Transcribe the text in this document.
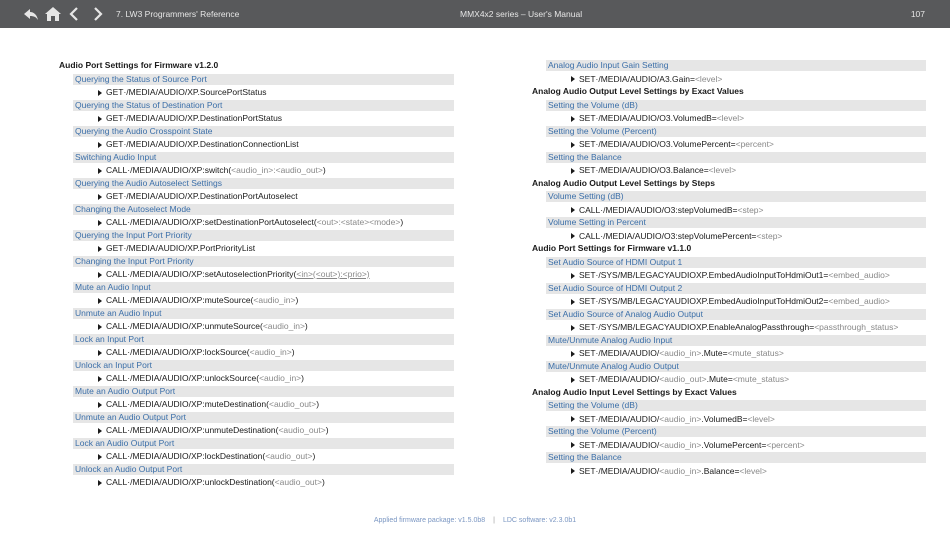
7. LW3 Programmers' Reference	MMX4x2 series – User's Manual	107
Audio Port Settings for Firmware v1.2.0
Querying the Status of Source Port
GET·/MEDIA/AUDIO/XP.SourcePortStatus
Querying the Status of Destination Port
GET·/MEDIA/AUDIO/XP.DestinationPortStatus
Querying the Audio Crosspoint State
GET·/MEDIA/AUDIO/XP.DestinationConnectionList
Switching Audio Input
CALL·/MEDIA/AUDIO/XP:switch(<audio_in>:<audio_out>)
Querying the Audio Autoselect Settings
GET·/MEDIA/AUDIO/XP.DestinationPortAutoselect
Changing the Autoselect Mode
CALL·/MEDIA/AUDIO/XP:setDestinationPortAutoselect(<out>:<state><mode>)
Querying the Input Port Priority
GET·/MEDIA/AUDIO/XP.PortPriorityList
Changing the Input Port Priority
CALL·/MEDIA/AUDIO/XP:setAutoselectionPriority(<in>(<out>):<prio>)
Mute an Audio Input
CALL·/MEDIA/AUDIO/XP:muteSource(<audio_in>)
Unmute an Audio Input
CALL·/MEDIA/AUDIO/XP:unmuteSource(<audio_in>)
Lock an Input Port
CALL·/MEDIA/AUDIO/XP:lockSource(<audio_in>)
Unlock an Input Port
CALL·/MEDIA/AUDIO/XP:unlockSource(<audio_in>)
Mute an Audio Output Port
CALL·/MEDIA/AUDIO/XP:muteDestination(<audio_out>)
Unmute an Audio Output Port
CALL·/MEDIA/AUDIO/XP:unmuteDestination(<audio_out>)
Lock an Audio Output Port
CALL·/MEDIA/AUDIO/XP:lockDestination(<audio_out>)
Unlock an Audio Output Port
CALL·/MEDIA/AUDIO/XP:unlockDestination(<audio_out>)
Analog Audio Input Gain Setting
SET·/MEDIA/AUDIO/A3.Gain=<level>
Analog Audio Output Level Settings by Exact Values
Setting the Volume (dB)
SET·/MEDIA/AUDIO/O3.VolumedB=<level>
Setting the Volume (Percent)
SET·/MEDIA/AUDIO/O3.VolumePercent=<percent>
Setting the Balance
SET·/MEDIA/AUDIO/O3.Balance=<level>
Analog Audio Output Level Settings by Steps
Volume Setting (dB)
CALL·/MEDIA/AUDIO/O3:stepVolumedB=<step>
Volume Setting in Percent
CALL·/MEDIA/AUDIO/O3:stepVolumePercent=<step>
Audio Port Settings for Firmware v1.1.0
Set Audio Source of HDMI Output 1
SET·/SYS/MB/LEGACYAUDIOXP.EmbedAudioInputToHdmiOut1=<embed_audio>
Set Audio Source of HDMI Output 2
SET·/SYS/MB/LEGACYAUDIOXP.EmbedAudioInputToHdmiOut2=<embed_audio>
Set Audio Source of Analog Audio Output
SET·/SYS/MB/LEGACYAUDIOXP.EnableAnalogPassthrough=<passthrough_status>
Mute/Unmute Analog Audio Input
SET·/MEDIA/AUDIO/<audio_in>.Mute=<mute_status>
Mute/Unmute Analog Audio Output
SET·/MEDIA/AUDIO/<audio_out>.Mute=<mute_status>
Analog Audio Input Level Settings by Exact Values
Setting the Volume (dB)
SET·/MEDIA/AUDIO/<audio_in>.VolumedB=<level>
Setting the Volume (Percent)
SET·/MEDIA/AUDIO/<audio_in>.VolumePercent=<percent>
Setting the Balance
SET·/MEDIA/AUDIO/<audio_in>.Balance=<level>
Applied firmware package: v1.5.0b8 | LDC software: v2.3.0b1
